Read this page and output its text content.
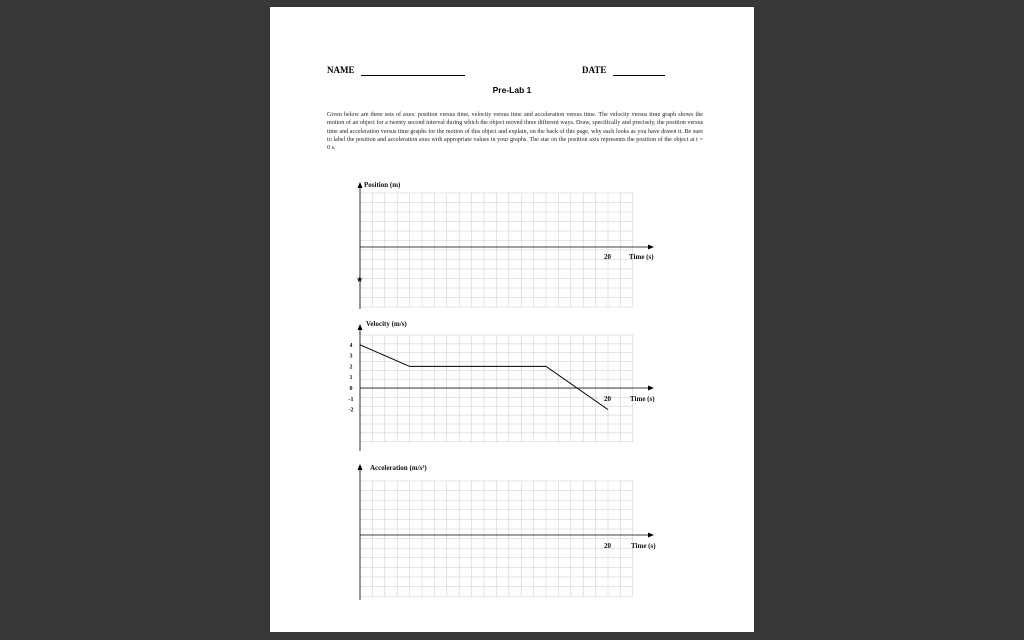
NAME	DATE
Pre-Lab 1
Given below are three sets of axes: position versus time, velocity versus time and acceleration versus time. The velocity versus time graph shows the motion of an object for a twenty second interval during which the object moved three different ways. Draw, specifically and precisely, the position versus time and acceleration versus time graphs for the motion of this object and explain, on the back of this page, why each looks as you have drawn it. Be sure to label the position and acceleration axes with appropriate values in your graphs. The star on the position axis represents the position of the object at t = 0 s.
Position (m)
20	Time (s)
★
Velocity (m/s)
4
3
2
1
0
-1
-2
20	Time (s)
Acceleration (m/s²)
20	Time (s)
